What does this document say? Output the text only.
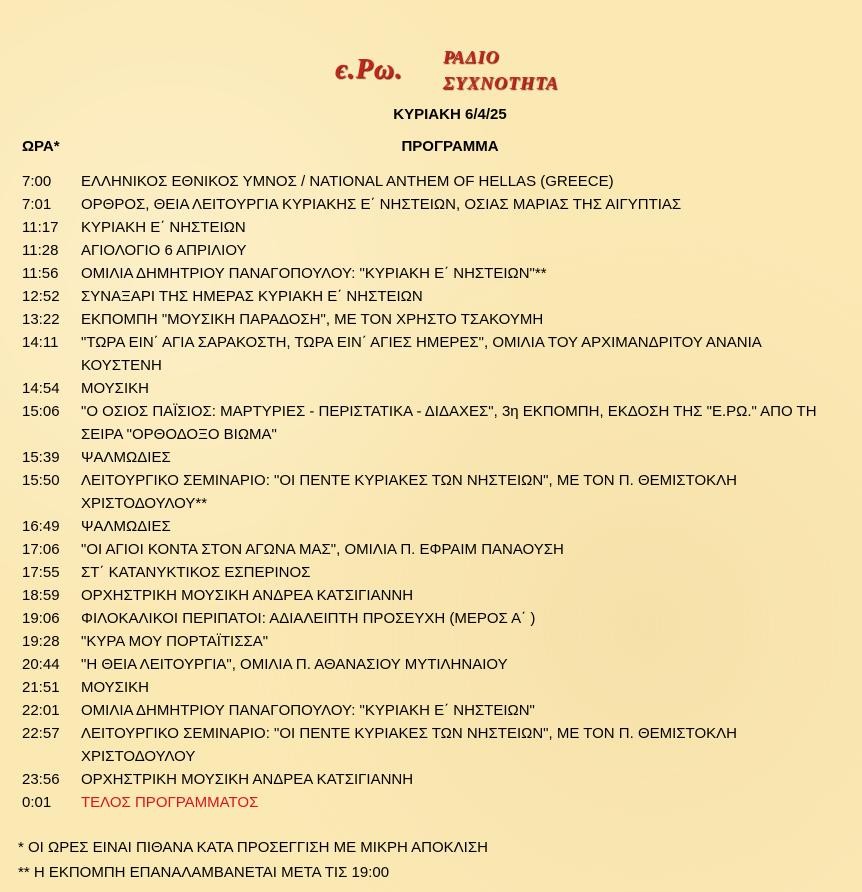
є.Ρω. ΡΑΔΙΟ
ΣΥΧΝΟΤΗΤΑ
ΚΥΡΙΑΚΗ 6/4/25
ΩΡΑ*	ΠΡΟΓΡΑΜΜΑ
7:00	ΕΛΛΗΝΙΚΟΣ ΕΘΝΙΚΟΣ ΥΜΝΟΣ / NATIONAL ANTHEM OF HELLAS (GREECE)
7:01	ΟΡΘΡΟΣ, ΘΕΙΑ ΛΕΙΤΟΥΡΓΙΑ ΚΥΡΙΑΚΗΣ Ε΄ ΝΗΣΤΕΙΩΝ, ΟΣΙΑΣ ΜΑΡΙΑΣ ΤΗΣ ΑΙΓΥΠΤΙΑΣ
11:17	ΚΥΡΙΑΚΗ Ε΄ ΝΗΣΤΕΙΩΝ
11:28	ΑΓΙΟΛΟΓΙΟ 6 ΑΠΡΙΛΙΟΥ
11:56	ΟΜΙΛΙΑ ΔΗΜΗΤΡΙΟΥ ΠΑΝΑΓΟΠΟΥΛΟΥ: "ΚΥΡΙΑΚΗ Ε΄ ΝΗΣΤΕΙΩΝ"**
12:52	ΣΥΝΑΞΑΡΙ ΤΗΣ ΗΜΕΡΑΣ ΚΥΡΙΑΚΗ Ε΄ ΝΗΣΤΕΙΩΝ
13:22	ΕΚΠΟΜΠΗ "ΜΟΥΣΙΚΗ ΠΑΡΑΔΟΣΗ", ΜΕ ΤΟΝ ΧΡΗΣΤΟ ΤΣΑΚΟΥΜΗ
14:11	"ΤΩΡΑ ΕΙΝ΄ ΑΓΙΑ ΣΑΡΑΚΟΣΤΗ, ΤΩΡΑ ΕΙΝ΄ ΑΓΙΕΣ ΗΜΕΡΕΣ", ΟΜΙΛΙΑ ΤΟΥ ΑΡΧΙΜΑΝΔΡΙΤΟΥ ΑΝΑΝΙΑ ΚΟΥΣΤΕΝΗ
14:54	ΜΟΥΣΙΚΗ
15:06	"Ο ΟΣΙΟΣ ΠΑΪΣΙΟΣ: ΜΑΡΤΥΡΙΕΣ - ΠΕΡΙΣΤΑΤΙΚΑ - ΔΙΔΑΧΕΣ", 3η ΕΚΠΟΜΠΗ, ΕΚΔΟΣΗ ΤΗΣ "Ε.ΡΩ." ΑΠΟ ΤΗ ΣΕΙΡΑ "ΟΡΘΟΔΟΞΟ ΒΙΩΜΑ"
15:39	ΨΑΛΜΩΔΙΕΣ
15:50	ΛΕΙΤΟΥΡΓΙΚΟ ΣΕΜΙΝΑΡΙΟ: "ΟΙ ΠΕΝΤΕ ΚΥΡΙΑΚΕΣ ΤΩΝ ΝΗΣΤΕΙΩΝ", ΜΕ ΤΟΝ Π. ΘΕΜΙΣΤΟΚΛΗ ΧΡΙΣΤΟΔΟΥΛΟΥ**
16:49	ΨΑΛΜΩΔΙΕΣ
17:06	"ΟΙ ΑΓΙΟΙ ΚΟΝΤΑ ΣΤΟΝ ΑΓΩΝΑ ΜΑΣ", ΟΜΙΛΙΑ Π. ΕΦΡΑΙΜ ΠΑΝΑΟΥΣΗ
17:55	ΣΤ΄ ΚΑΤΑΝΥΚΤΙΚΟΣ ΕΣΠΕΡΙΝΟΣ
18:59	ΟΡΧΗΣΤΡΙΚΗ ΜΟΥΣΙΚΗ ΑΝΔΡΕΑ ΚΑΤΣΙΓΙΑΝΝΗ
19:06	ΦΙΛΟΚΑΛΙΚΟΙ ΠΕΡΙΠΑΤΟΙ: ΑΔΙΑΛΕΙΠΤΗ ΠΡΟΣΕΥΧΗ (ΜΕΡΟΣ Α΄ )
19:28	"ΚΥΡΑ ΜΟΥ ΠΟΡΤΑΪΤΙΣΣΑ"
20:44	"Η ΘΕΙΑ ΛΕΙΤΟΥΡΓΙΑ", ΟΜΙΛΙΑ Π. ΑΘΑΝΑΣΙΟΥ ΜΥΤΙΛΗΝΑΙΟΥ
21:51	ΜΟΥΣΙΚΗ
22:01	ΟΜΙΛΙΑ ΔΗΜΗΤΡΙΟΥ ΠΑΝΑΓΟΠΟΥΛΟΥ: "ΚΥΡΙΑΚΗ Ε΄ ΝΗΣΤΕΙΩΝ"
22:57	ΛΕΙΤΟΥΡΓΙΚΟ ΣΕΜΙΝΑΡΙΟ: "ΟΙ ΠΕΝΤΕ ΚΥΡΙΑΚΕΣ ΤΩΝ ΝΗΣΤΕΙΩΝ", ΜΕ ΤΟΝ Π. ΘΕΜΙΣΤΟΚΛΗ ΧΡΙΣΤΟΔΟΥΛΟΥ
23:56	ΟΡΧΗΣΤΡΙΚΗ ΜΟΥΣΙΚΗ ΑΝΔΡΕΑ ΚΑΤΣΙΓΙΑΝΝΗ
0:01	ΤΕΛΟΣ ΠΡΟΓΡΑΜΜΑΤΟΣ
* ΟΙ ΩΡΕΣ ΕΙΝΑΙ ΠΙΘΑΝΑ ΚΑΤΑ ΠΡΟΣΕΓΓΙΣΗ ΜΕ ΜΙΚΡΗ ΑΠΟΚΛΙΣΗ
** Η ΕΚΠΟΜΠΗ ΕΠΑΝΑΛΑΜΒΑΝΕΤΑΙ ΜΕΤΑ ΤΙΣ 19:00
